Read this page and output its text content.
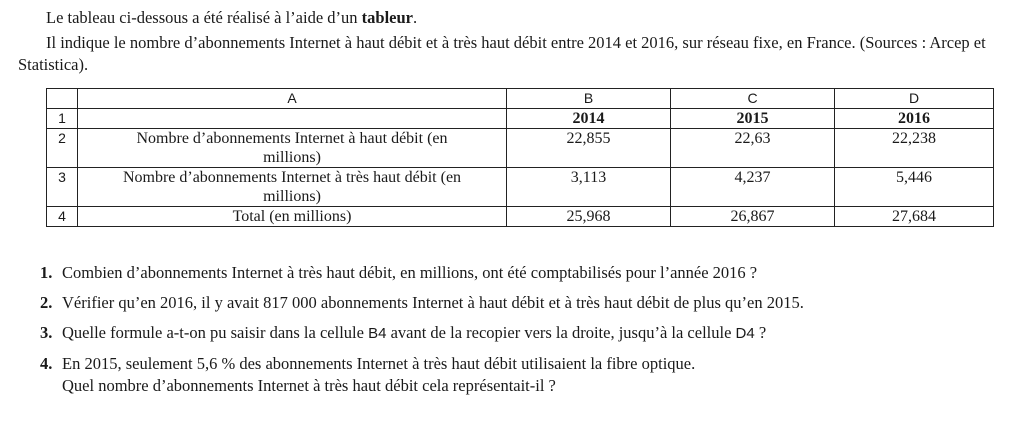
Le tableau ci-dessous a été réalisé à l’aide d’un tableur.
Il indique le nombre d’abonnements Internet à haut débit et à très haut débit entre 2014 et 2016, sur réseau fixe, en France. (Sources : Arcep et Statistica).
	A	B	C	D
1		2014	2015	2016
2	Nombre d’abonnements Internet à haut débit (en millions)	22,855	22,63	22,238
3	Nombre d’abonnements Internet à très haut débit (en millions)	3,113	4,237	5,446
4	Total (en millions)	25,968	26,867	27,684
1. Combien d’abonnements Internet à très haut débit, en millions, ont été comptabilisés pour l’année 2016 ?
2. Vérifier qu’en 2016, il y avait 817 000 abonnements Internet à haut débit et à très haut débit de plus qu’en 2015.
3. Quelle formule a-t-on pu saisir dans la cellule B4 avant de la recopier vers la droite, jusqu’à la cellule D4 ?
4. En 2015, seulement 5,6 % des abonnements Internet à très haut débit utilisaient la fibre optique.
Quel nombre d’abonnements Internet à très haut débit cela représentait-il ?
